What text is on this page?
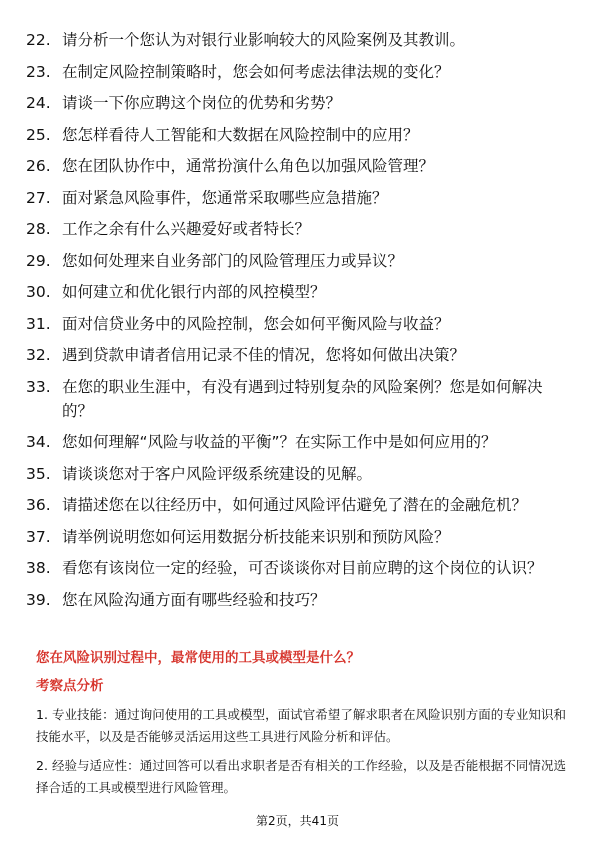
22. 请分析一个您认为对银行业影响较大的风险案例及其教训。
23. 在制定风险控制策略时，您会如何考虑法律法规的变化？
24. 请谈一下你应聘这个岗位的优势和劣势？
25. 您怎样看待人工智能和大数据在风险控制中的应用？
26. 您在团队协作中，通常扮演什么角色以加强风险管理？
27. 面对紧急风险事件，您通常采取哪些应急措施？
28. 工作之余有什么兴趣爱好或者特长？
29. 您如何处理来自业务部门的风险管理压力或异议？
30. 如何建立和优化银行内部的风控模型？
31. 面对信贷业务中的风险控制，您会如何平衡风险与收益？
32. 遇到贷款申请者信用记录不佳的情况，您将如何做出决策？
33. 在您的职业生涯中，有没有遇到过特别复杂的风险案例？您是如何解决的？
34. 您如何理解“风险与收益的平衡”？在实际工作中是如何应用的？
35. 请谈谈您对于客户风险评级系统建设的见解。
36. 请描述您在以往经历中，如何通过风险评估避免了潜在的金融危机？
37. 请举例说明您如何运用数据分析技能来识别和预防风险？
38. 看您有该岗位一定的经验，可否谈谈你对目前应聘的这个岗位的认识？
39. 您在风险沟通方面有哪些经验和技巧？
您在风险识别过程中，最常使用的工具或模型是什么？
考察点分析
1. 专业技能：通过询问使用的工具或模型，面试官希望了解求职者在风险识别方面的专业知识和技能水平，以及是否能够灵活运用这些工具进行风险分析和评估。
2. 经验与适应性：通过回答可以看出求职者是否有相关的工作经验，以及是否能根据不同情况选择合适的工具或模型进行风险管理。
第2页，共41页
